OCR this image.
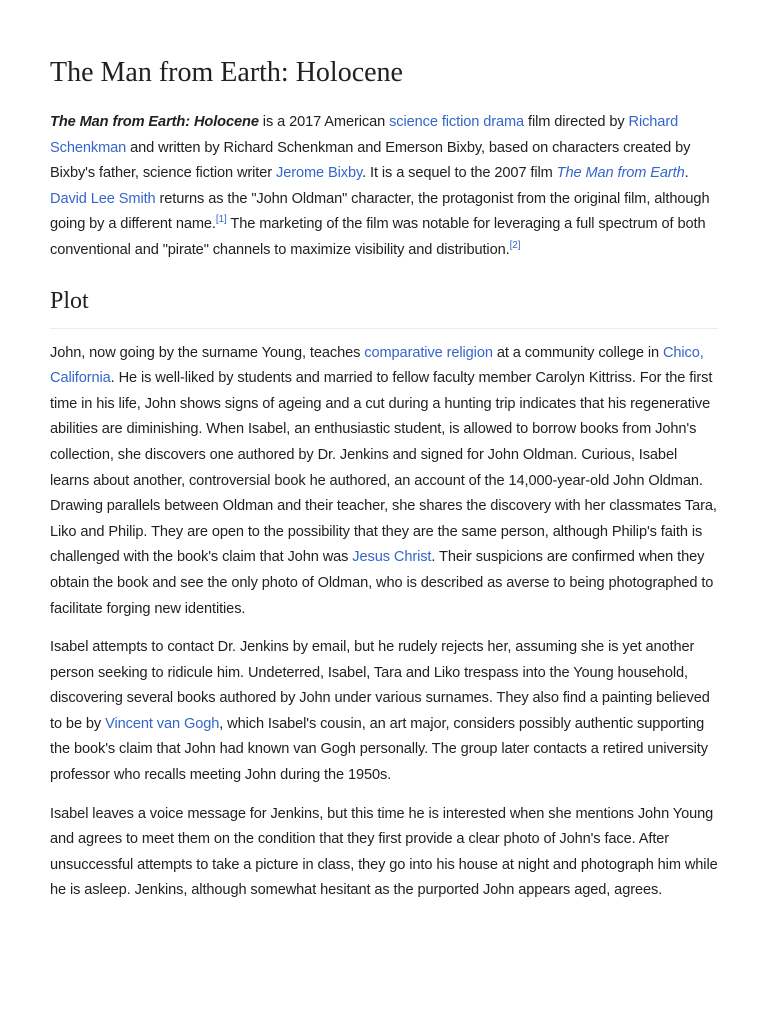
The Man from Earth: Holocene

The Man from Earth: Holocene is a 2017 American science fiction drama film directed by Richard Schenkman and written by Richard Schenkman and Emerson Bixby, based on characters created by Bixby's father, science fiction writer Jerome Bixby. It is a sequel to the 2007 film The Man from Earth. David Lee Smith returns as the "John Oldman" character, the protagonist from the original film, although going by a different name.[1] The marketing of the film was notable for leveraging a full spectrum of both conventional and "pirate" channels to maximize visibility and distribution.[2]

Plot

John, now going by the surname Young, teaches comparative religion at a community college in Chico, California. He is well-liked by students and married to fellow faculty member Carolyn Kittriss. For the first time in his life, John shows signs of ageing and a cut during a hunting trip indicates that his regenerative abilities are diminishing. When Isabel, an enthusiastic student, is allowed to borrow books from John's collection, she discovers one authored by Dr. Jenkins and signed for John Oldman. Curious, Isabel learns about another, controversial book he authored, an account of the 14,000-year-old John Oldman. Drawing parallels between Oldman and their teacher, she shares the discovery with her classmates Tara, Liko and Philip. They are open to the possibility that they are the same person, although Philip's faith is challenged with the book's claim that John was Jesus Christ. Their suspicions are confirmed when they obtain the book and see the only photo of Oldman, who is described as averse to being photographed to facilitate forging new identities.

Isabel attempts to contact Dr. Jenkins by email, but he rudely rejects her, assuming she is yet another person seeking to ridicule him. Undeterred, Isabel, Tara and Liko trespass into the Young household, discovering several books authored by John under various surnames. They also find a painting believed to be by Vincent van Gogh, which Isabel's cousin, an art major, considers possibly authentic supporting the book's claim that John had known van Gogh personally. The group later contacts a retired university professor who recalls meeting John during the 1950s.

Isabel leaves a voice message for Jenkins, but this time he is interested when she mentions John Young and agrees to meet them on the condition that they first provide a clear photo of John's face. After unsuccessful attempts to take a picture in class, they go into his house at night and photograph him while he is asleep. Jenkins, although somewhat hesitant as the purported John appears aged, agrees.
